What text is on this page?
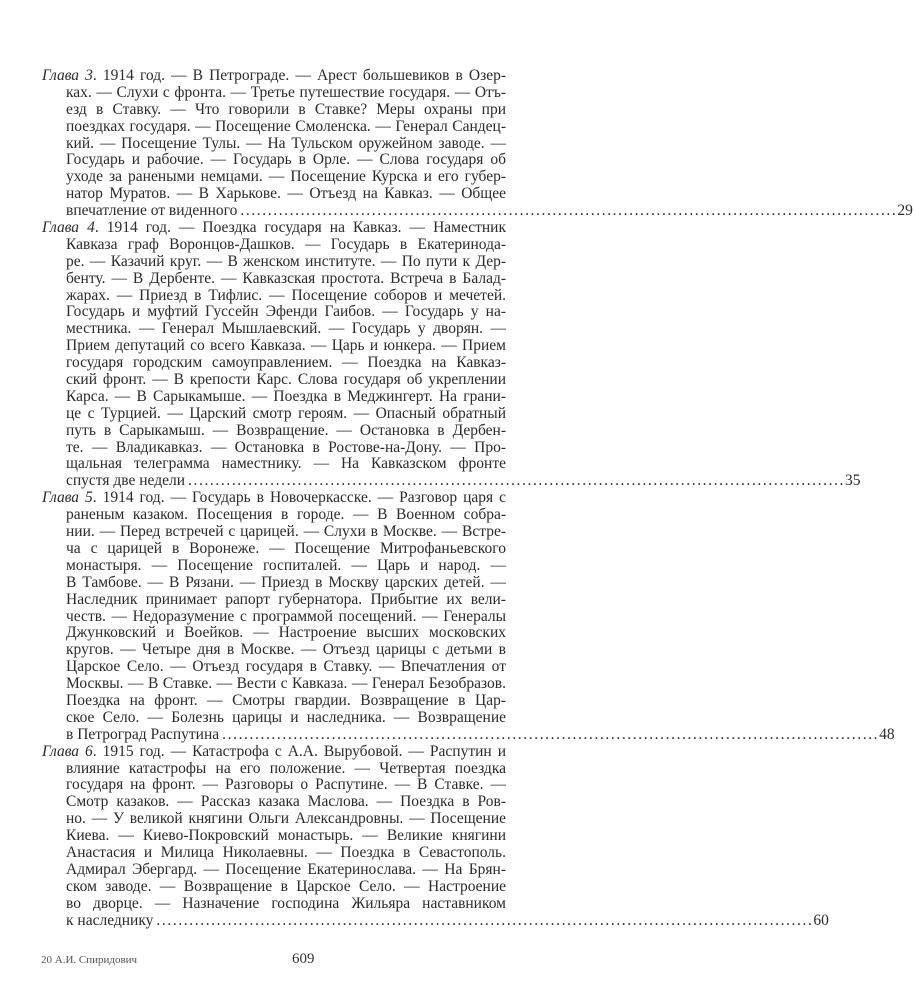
Глава 3. 1914 год. — В Петрограде. — Арест большевиков в Озер-
ках. — Слухи с фронта. — Третье путешествие государя. — Отъ-
езд в Ставку. — Что говорили в Ставке? Меры охраны при
поездках государя. — Посещение Смоленска. — Генерал Сандец-
кий. — Посещение Тулы. — На Тульском оружейном заводе. —
Государь и рабочие. — Государь в Орле. — Слова государя об
уходе за ранеными немцами. — Посещение Курска и его губер-
натор Муратов. — В Харькове. — Отъезд на Кавказ. — Общее
впечатление от виденного ........................................................................................................................ 29
Глава 4. 1914 год. — Поездка государя на Кавказ. — Наместник
Кавказа граф Воронцов-Дашков. — Государь в Екатеринода-
ре. — Казачий круг. — В женском институте. — По пути к Дер-
бенту. — В Дербенте. — Кавказская простота. Встреча в Балад-
жарах. — Приезд в Тифлис. — Посещение соборов и мечетей.
Государь и муфтий Гуссейн Эфенди Гаибов. — Государь у на-
местника. — Генерал Мышлаевский. — Государь у дворян. —
Прием депутаций со всего Кавказа. — Царь и юнкера. — Прием
государя городским самоуправлением. — Поездка на Кавказ-
ский фронт. — В крепости Карс. Слова государя об укреплении
Карса. — В Сарыкамыше. — Поездка в Меджингерт. На грани-
це с Турцией. — Царский смотр героям. — Опасный обратный
путь в Сарыкамыш. — Возвращение. — Остановка в Дербен-
те. — Владикавказ. — Остановка в Ростове-на-Дону. — Про-
щальная телеграмма наместнику. — На Кавказском фронте
спустя две недели ........................................................................................................................ 35
Глава 5. 1914 год. — Государь в Новочеркасске. — Разговор царя с
раненым казаком. Посещения в городе. — В Военном собра-
нии. — Перед встречей с царицей. — Слухи в Москве. — Встре-
ча с царицей в Воронеже. — Посещение Митрофаньевского
монастыря. — Посещение госпиталей. — Царь и народ. —
В Тамбове. — В Рязани. — Приезд в Москву царских детей. —
Наследник принимает рапорт губернатора. Прибытие их вели-
честв. — Недоразумение с программой посещений. — Генералы
Джунковский и Воейков. — Настроение высших московских
кругов. — Четыре дня в Москве. — Отъезд царицы с детьми в
Царское Село. — Отъезд государя в Ставку. — Впечатления от
Москвы. — В Ставке. — Вести с Кавказа. — Генерал Безобразов.
Поездка на фронт. — Смотры гвардии. Возвращение в Цар-
ское Село. — Болезнь царицы и наследника. — Возвращение
в Петроград Распутина ........................................................................................................................ 48
Глава 6. 1915 год. — Катастрофа с А.А. Вырубовой. — Распутин и
влияние катастрофы на его положение. — Четвертая поездка
государя на фронт. — Разговоры о Распутине. — В Ставке. —
Смотр казаков. — Рассказ казака Маслова. — Поездка в Ров-
но. — У великой княгини Ольги Александровны. — Посещение
Киева. — Киево-Покровский монастырь. — Великие княгини
Анастасия и Милица Николаевны. — Поездка в Севастополь.
Адмирал Эбергард. — Посещение Екатеринослава. — На Брян-
ском заводе. — Возвращение в Царское Село. — Настроение
во дворце. — Назначение господина Жильяра наставником
к наследнику ........................................................................................................................ 60
20 А.И. Спиридович	609
